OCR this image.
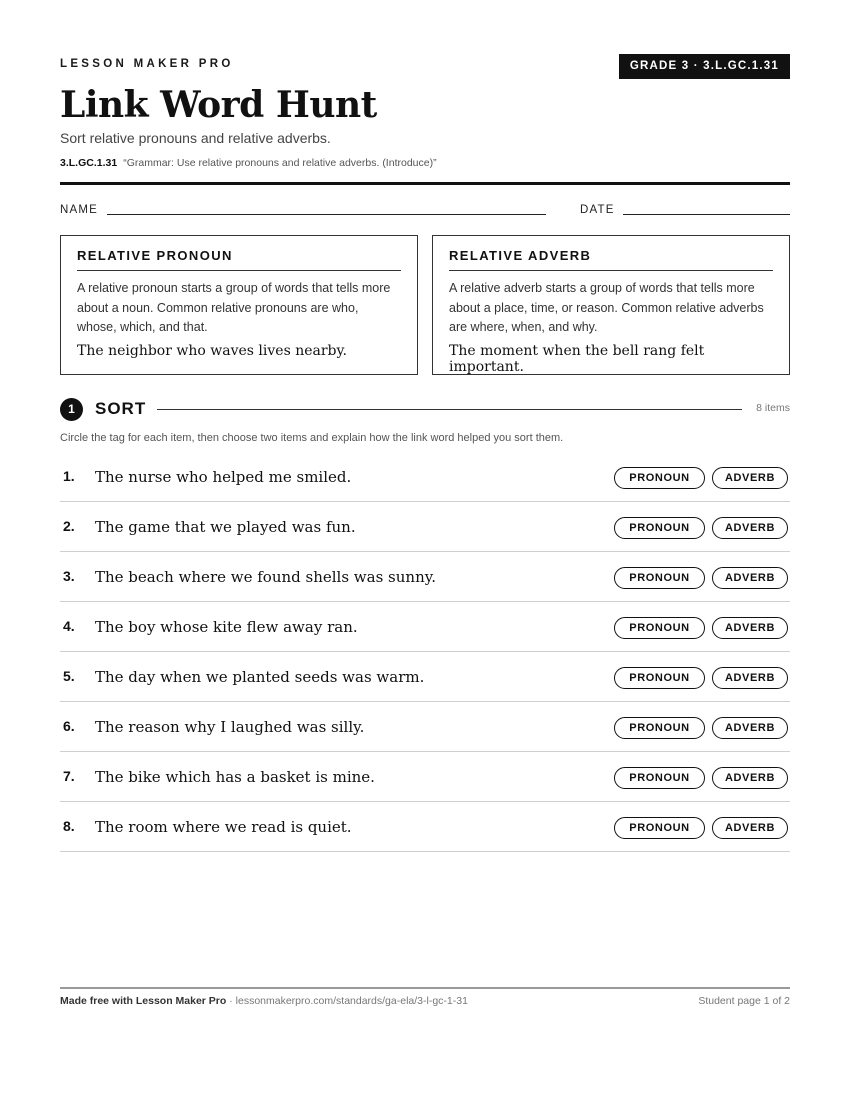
LESSON MAKER PRO	GRADE 3 · 3.L.GC.1.31
Link Word Hunt
Sort relative pronouns and relative adverbs.
3.L.GC.1.31 “Grammar: Use relative pronouns and relative adverbs. (Introduce)”
NAME	DATE
RELATIVE PRONOUN
A relative pronoun starts a group of words that tells more about a noun. Common relative pronouns are who, whose, which, and that.
The neighbor who waves lives nearby.
RELATIVE ADVERB
A relative adverb starts a group of words that tells more about a place, time, or reason. Common relative adverbs are where, when, and why.
The moment when the bell rang felt important.
1	SORT	8 items
Circle the tag for each item, then choose two items and explain how the link word helped you sort them.
1. The nurse who helped me smiled.	PRONOUN	ADVERB
2. The game that we played was fun.	PRONOUN	ADVERB
3. The beach where we found shells was sunny.	PRONOUN	ADVERB
4. The boy whose kite flew away ran.	PRONOUN	ADVERB
5. The day when we planted seeds was warm.	PRONOUN	ADVERB
6. The reason why I laughed was silly.	PRONOUN	ADVERB
7. The bike which has a basket is mine.	PRONOUN	ADVERB
8. The room where we read is quiet.	PRONOUN	ADVERB
Made free with Lesson Maker Pro · lessonmakerpro.com/standards/ga-ela/3-l-gc-1-31	Student page 1 of 2
